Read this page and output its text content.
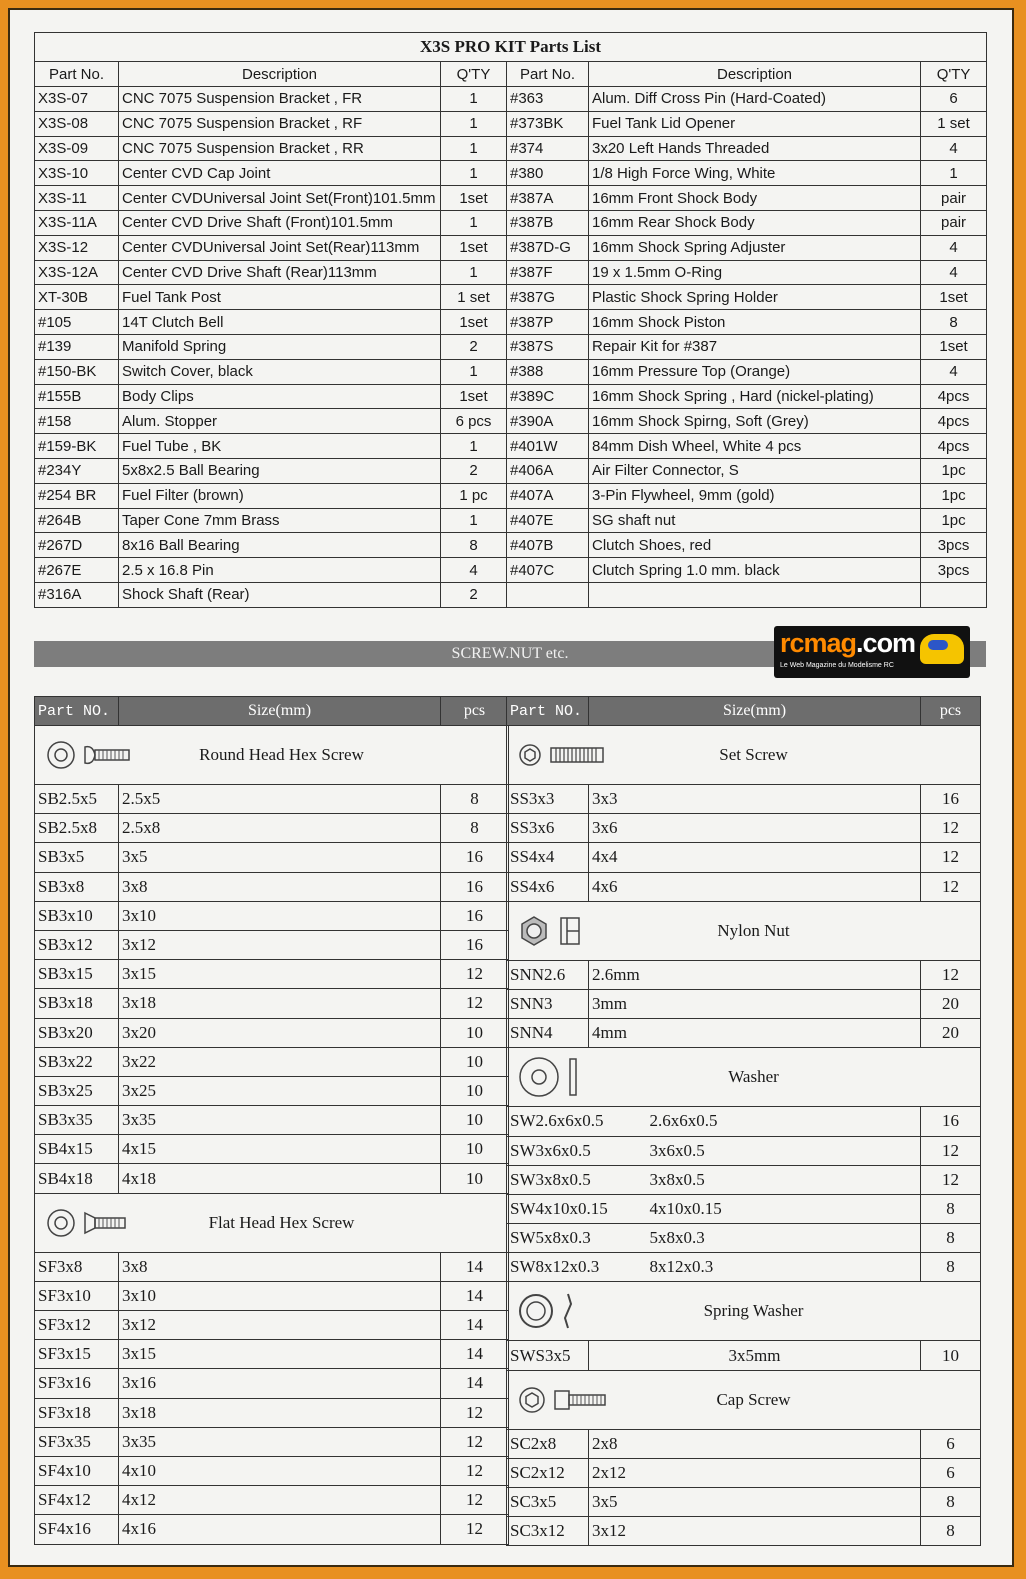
X3S PRO KIT Parts List					
Part No.	Description	Q'TY	Part No.	Description	Q'TY
X3S-07	CNC 7075 Suspension Bracket , FR	1	#363	Alum. Diff Cross Pin (Hard-Coated)	6
X3S-08	CNC 7075 Suspension Bracket , RF	1	#373BK	Fuel Tank Lid Opener	1 set
X3S-09	CNC 7075 Suspension Bracket , RR	1	#374	3x20 Left Hands Threaded	4
X3S-10	Center CVD Cap Joint	1	#380	1/8 High Force Wing, White	1
X3S-11	Center CVDUniversal Joint Set(Front)101.5mm	1set	#387A	16mm Front Shock Body	pair
X3S-11A	Center CVD Drive Shaft (Front)101.5mm	1	#387B	16mm Rear Shock Body	pair
X3S-12	Center CVDUniversal Joint Set(Rear)113mm	1set	#387D-G	16mm Shock Spring Adjuster	4
X3S-12A	Center CVD Drive Shaft (Rear)113mm	1	#387F	19 x 1.5mm O-Ring	4
XT-30B	Fuel Tank Post	1 set	#387G	Plastic Shock Spring Holder	1set
#105	14T Clutch Bell	1set	#387P	16mm Shock Piston	8
#139	Manifold Spring	2	#387S	Repair Kit for #387	1set
#150-BK	Switch Cover, black	1	#388	16mm Pressure Top (Orange)	4
#155B	Body Clips	1set	#389C	16mm Shock Spring , Hard (nickel-plating)	4pcs
#158	Alum. Stopper	6 pcs	#390A	16mm Shock Spirng, Soft (Grey)	4pcs
#159-BK	Fuel Tube , BK	1	#401W	84mm Dish Wheel, White 4 pcs	4pcs
#234Y	5x8x2.5 Ball Bearing	2	#406A	Air Filter Connector, S	1pc
#254 BR	Fuel Filter (brown)	1 pc	#407A	3-Pin Flywheel, 9mm (gold)	1pc
#264B	Taper Cone 7mm Brass	1	#407E	SG shaft nut	1pc
#267D	8x16 Ball Bearing	8	#407B	Clutch Shoes, red	3pcs
#267E	2.5 x 16.8 Pin	4	#407C	Clutch Spring 1.0 mm. black	3pcs
#316A	Shock Shaft (Rear)	2			
SCREW.NUT etc.	rcmag.com
Le Web Magazine du Modelisme RC
Part NO.	Size(mm)	pcs

Round Head Hex Screw		
SB2.5x5	2.5x5	8
SB2.5x8	2.5x8	8
SB3x5	3x5	16
SB3x8	3x8	16
SB3x10	3x10	16
SB3x12	3x12	16
SB3x15	3x15	12
SB3x18	3x18	12
SB3x20	3x20	10
SB3x22	3x22	10
SB3x25	3x25	10
SB3x35	3x35	10
SB4x15	4x15	10
SB4x18	4x18	10

Flat Head Hex Screw		
SF3x8	3x8	14
SF3x10	3x10	14
SF3x12	3x12	14
SF3x15	3x15	14
SF3x16	3x16	14
SF3x18	3x18	12
SF3x35	3x35	12
SF4x10	4x10	12
SF4x12	4x12	12
SF4x16	4x16	12
Part NO.	Size(mm)	pcs

Set Screw		
SS3x3	3x3	16
SS3x6	3x6	12
SS4x4	4x4	12
SS4x6	4x6	12

Nylon Nut		
SNN2.6	2.6mm	12
SNN3	3mm	20
SNN4	4mm	20

Washer		
SW2.6x6x0.5	2.6x6x0.5	16
SW3x6x0.5	3x6x0.5	12
SW3x8x0.5	3x8x0.5	12
SW4x10x0.15	4x10x0.15	8
SW5x8x0.3	5x8x0.3	8
SW8x12x0.3	8x12x0.3	8

Spring Washer		
SWS3x5	3x5mm	10

Cap Screw		
SC2x8	2x8	6
SC2x12	2x12	6
SC3x5	3x5	8
SC3x12	3x12	8
